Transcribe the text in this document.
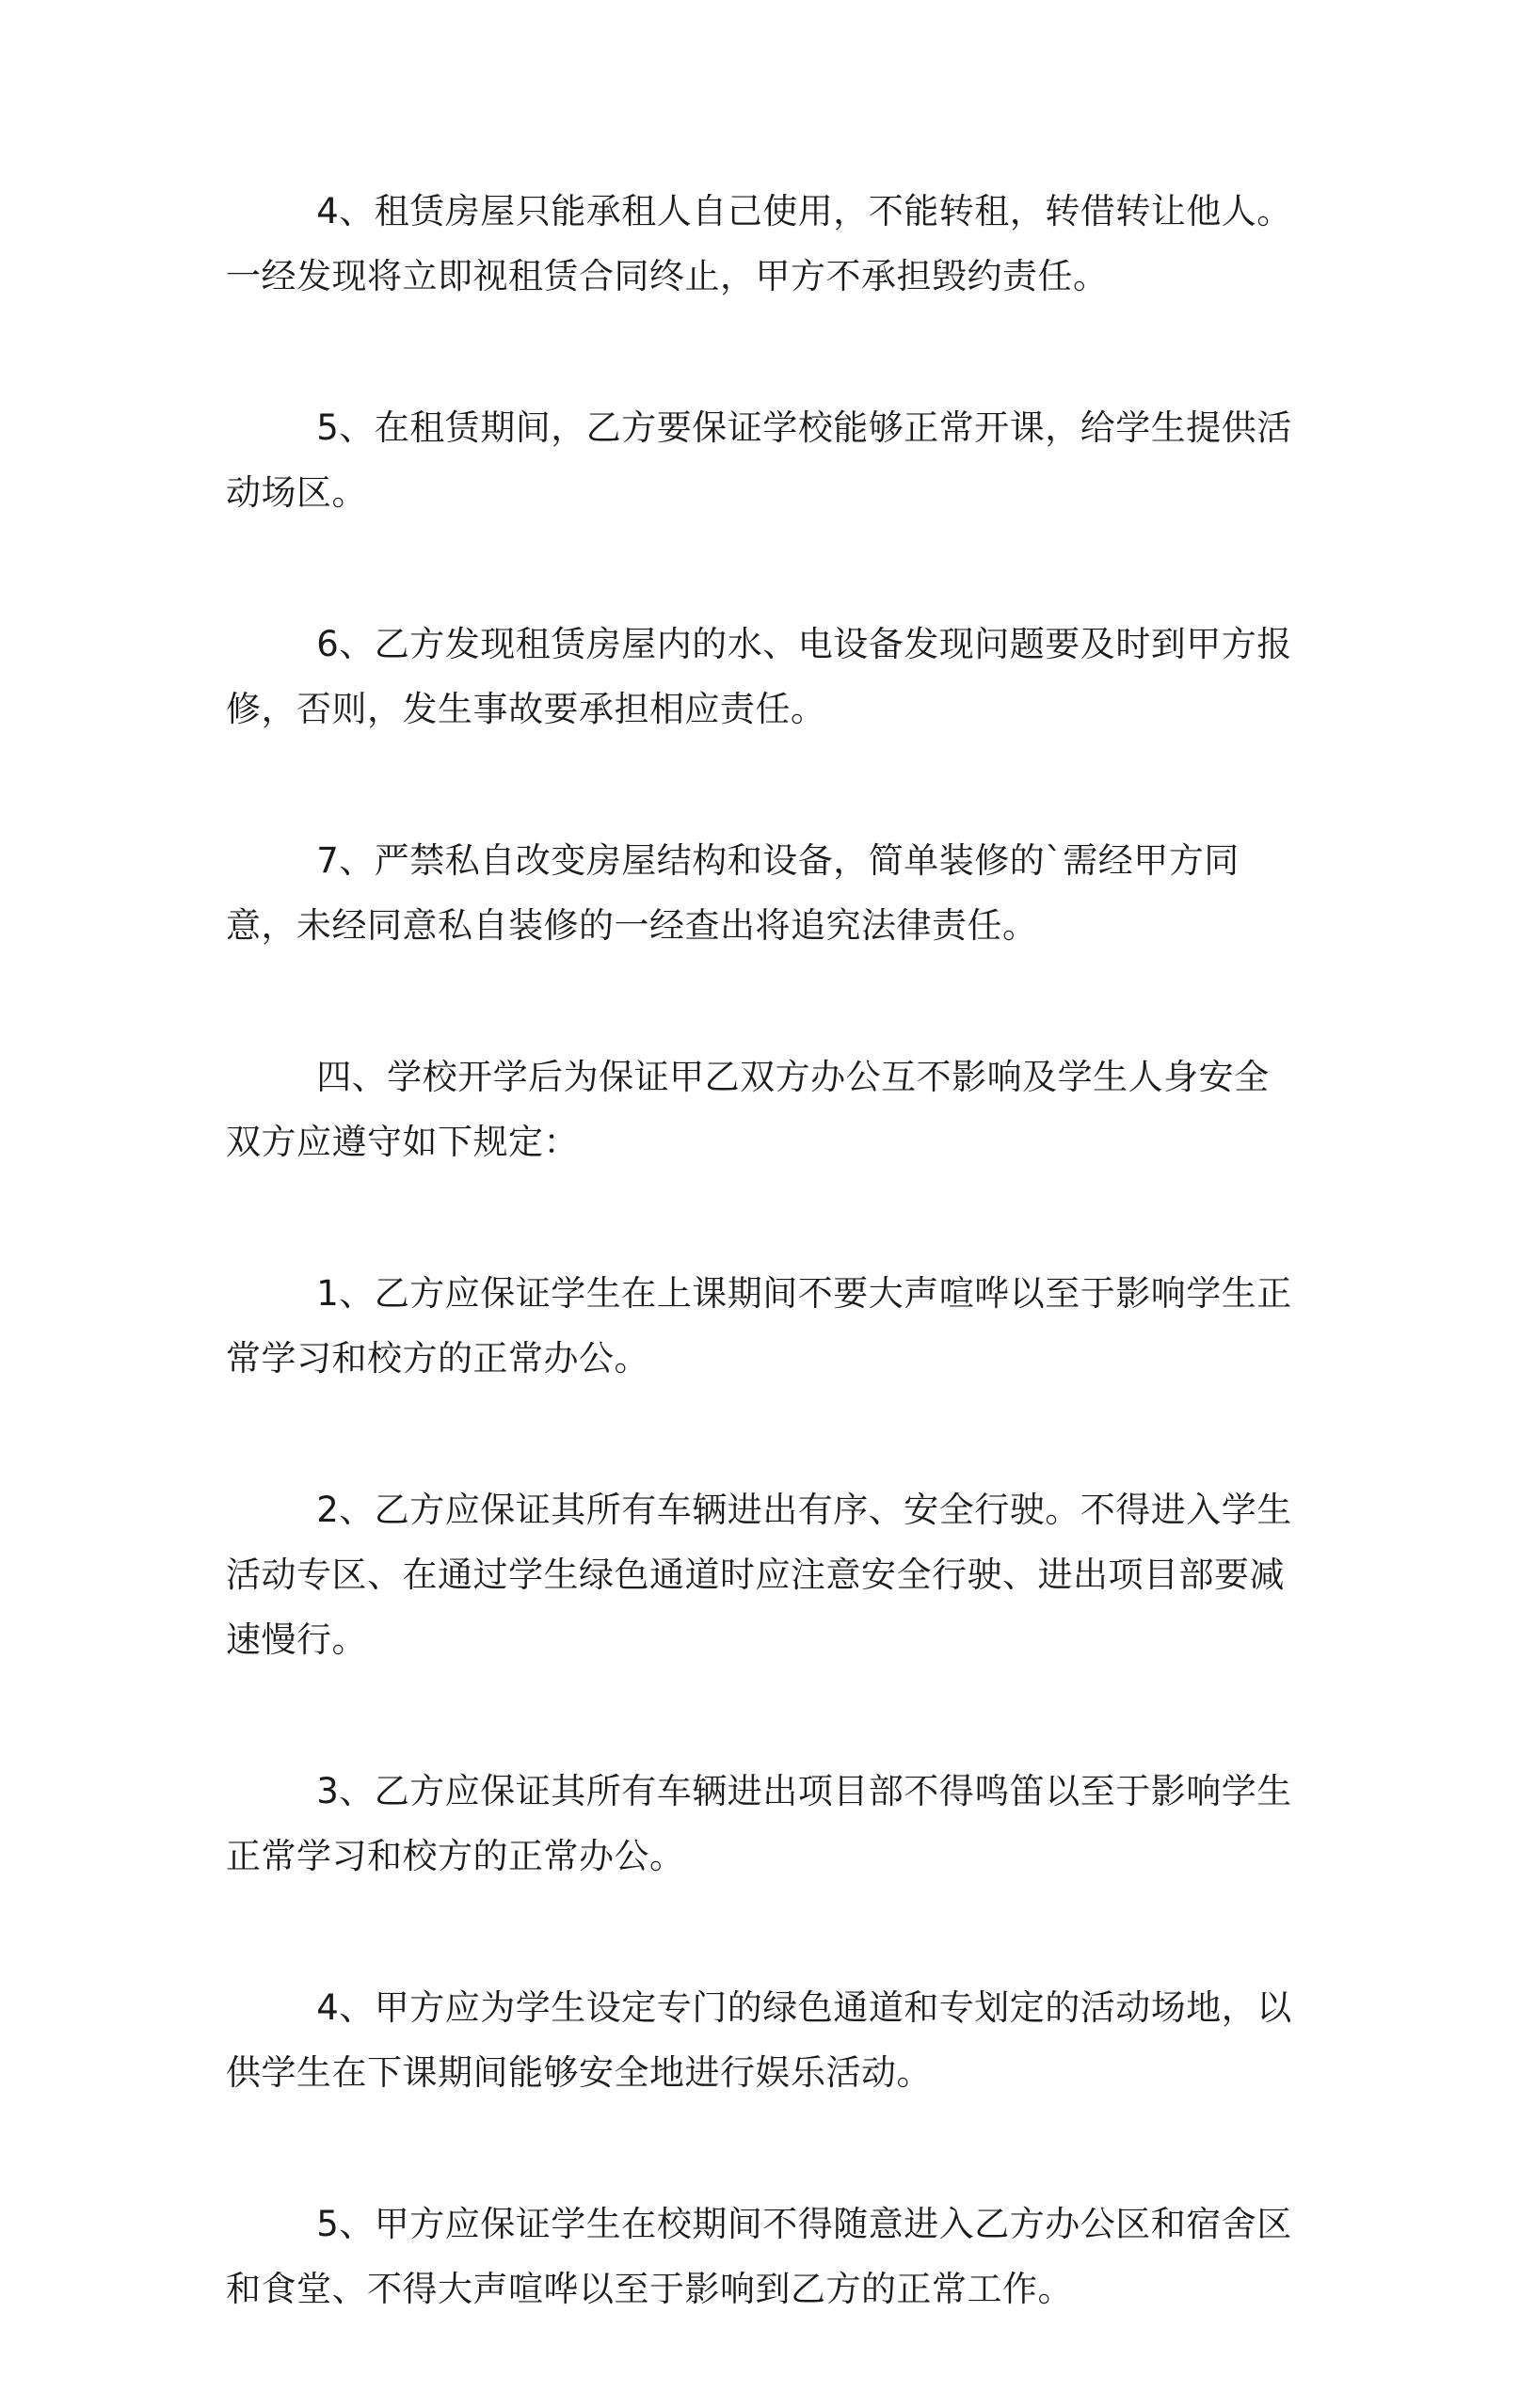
4、租赁房屋只能承租人自己使用，不能转租，转借转让他人。一经发现将立即视租赁合同终止，甲方不承担毁约责任。

5、在租赁期间，乙方要保证学校能够正常开课，给学生提供活动场区。

6、乙方发现租赁房屋内的水、电设备发现问题要及时到甲方报修，否则，发生事故要承担相应责任。

7、严禁私自改变房屋结构和设备，简单装修的`需经甲方同意，未经同意私自装修的一经查出将追究法律责任。

四、学校开学后为保证甲乙双方办公互不影响及学生人身安全双方应遵守如下规定：

1、乙方应保证学生在上课期间不要大声喧哗以至于影响学生正常学习和校方的正常办公。

2、乙方应保证其所有车辆进出有序、安全行驶。不得进入学生活动专区、在通过学生绿色通道时应注意安全行驶、进出项目部要减速慢行。

3、乙方应保证其所有车辆进出项目部不得鸣笛以至于影响学生正常学习和校方的正常办公。

4、甲方应为学生设定专门的绿色通道和专划定的活动场地，以供学生在下课期间能够安全地进行娱乐活动。

5、甲方应保证学生在校期间不得随意进入乙方办公区和宿舍区和食堂、不得大声喧哗以至于影响到乙方的正常工作。
